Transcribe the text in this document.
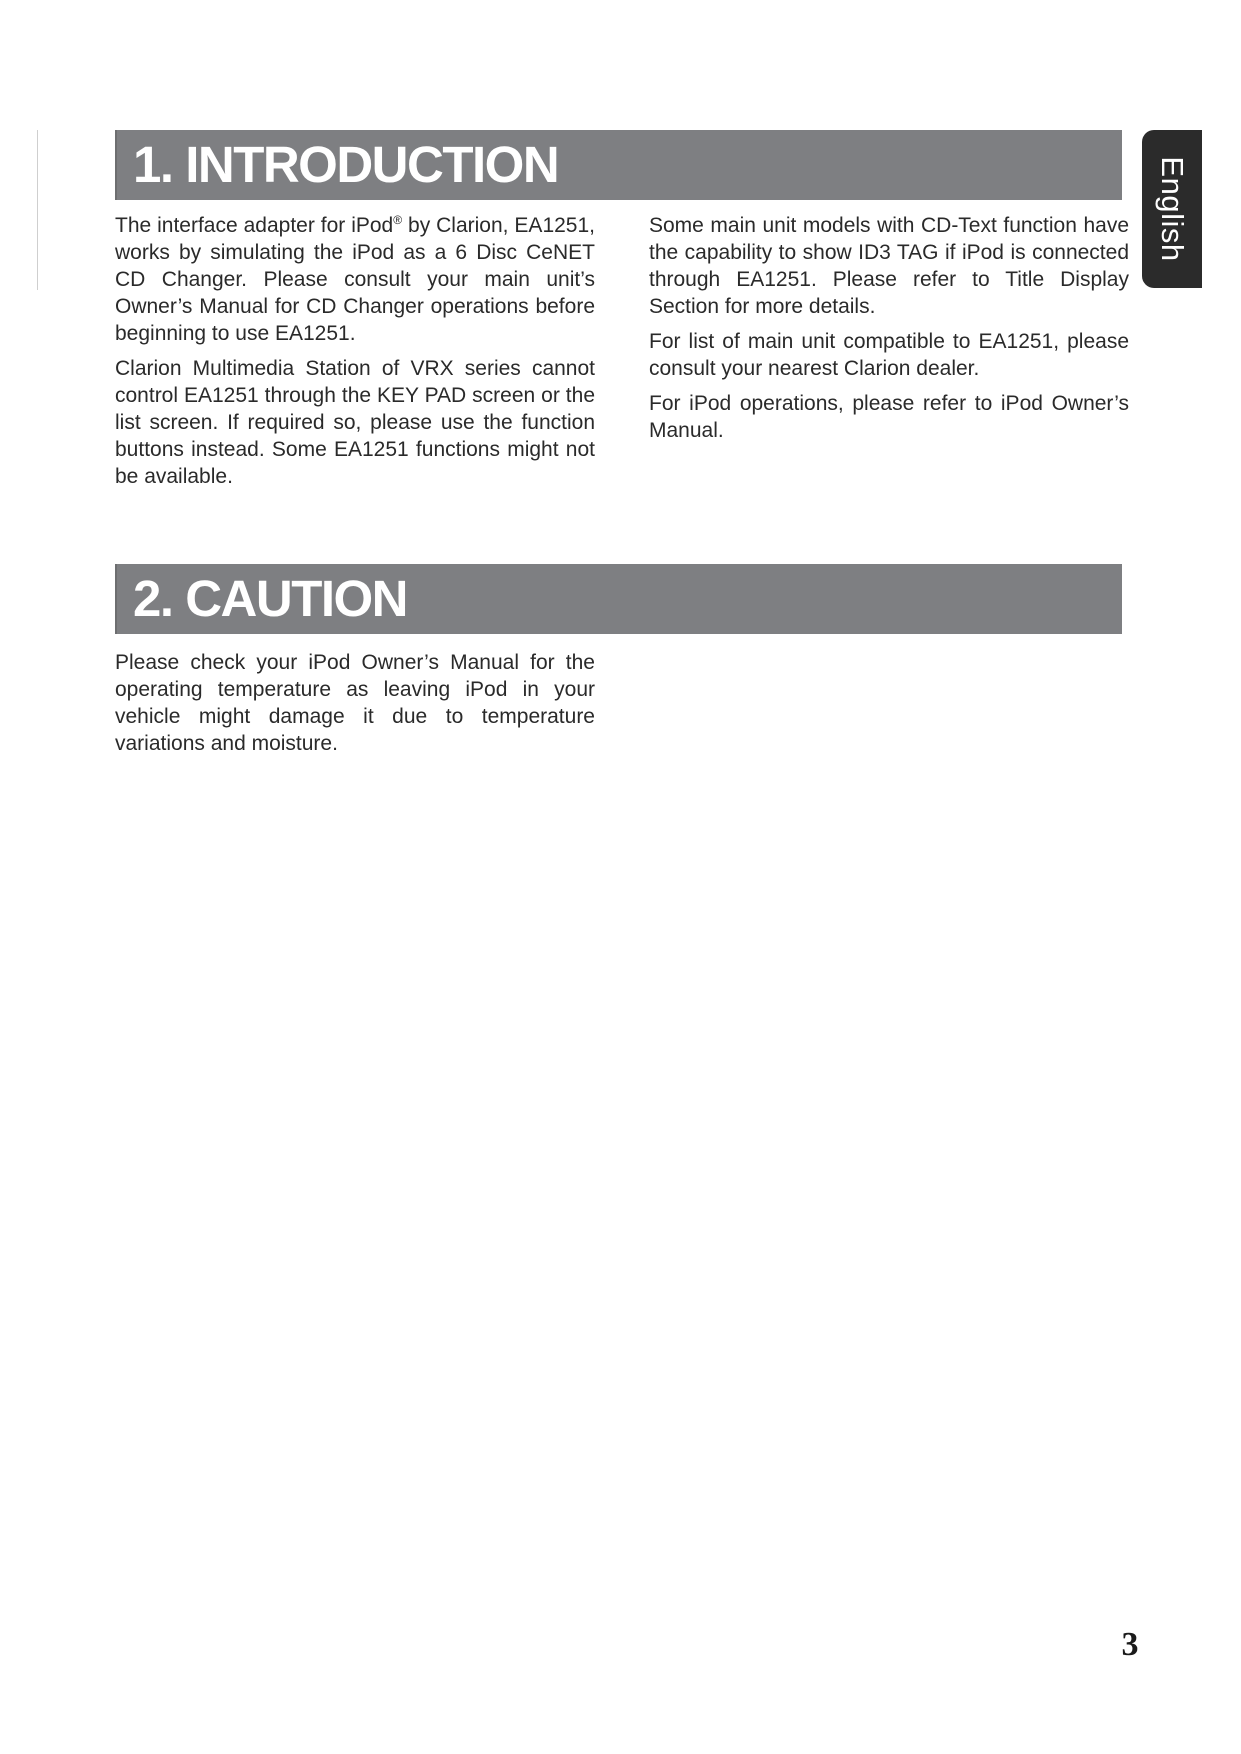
1. INTRODUCTION	English

The interface adapter for iPod® by Clarion, EA1251, works by simulating the iPod as a 6 Disc CeNET CD Changer. Please consult your main unit’s Owner’s Manual for CD Changer operations before beginning to use EA1251.

Clarion Multimedia Station of VRX series cannot control EA1251 through the KEY PAD screen or the list screen. If required so, please use the function buttons instead. Some EA1251 functions might not be available.

Some main unit models with CD-Text function have the capability to show ID3 TAG if iPod is connected through EA1251. Please refer to Title Display Section for more details.

For list of main unit compatible to EA1251, please consult your nearest Clarion dealer.

For iPod operations, please refer to iPod Owner’s Manual.

2. CAUTION

Please check your iPod Owner’s Manual for the operating temperature as leaving iPod in your vehicle might damage it due to temperature variations and moisture.

3
